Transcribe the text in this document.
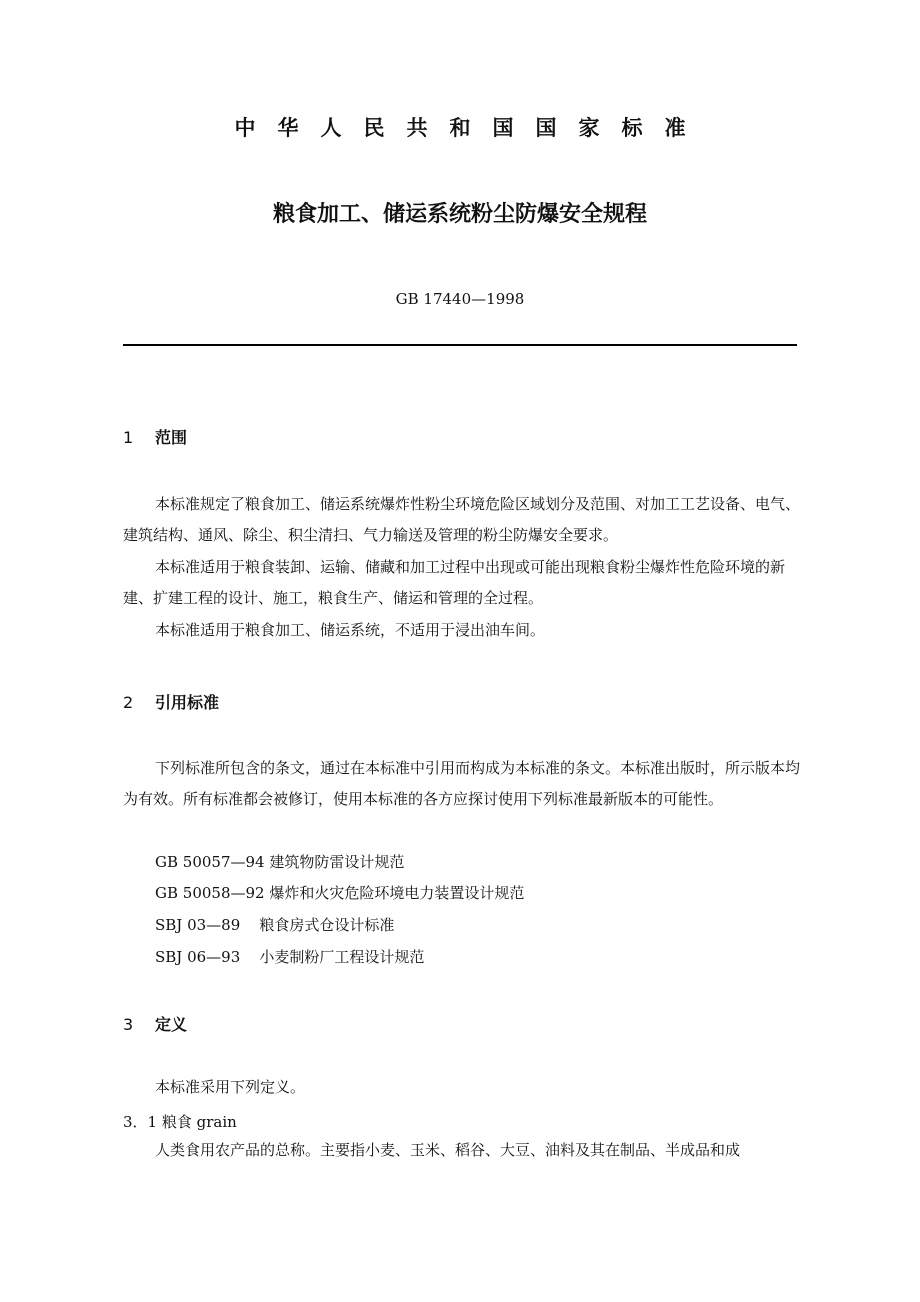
中华人民共和国国家标准
粮食加工、储运系统粉尘防爆安全规程
GB 17440—1998
1 范围

本标准规定了粮食加工、储运系统爆炸性粉尘环境危险区域划分及范围、对加工工艺设备、电气、建筑结构、通风、除尘、积尘清扫、气力输送及管理的粉尘防爆安全要求。

本标准适用于粮食装卸、运输、储藏和加工过程中出现或可能出现粮食粉尘爆炸性危险环境的新建、扩建工程的设计、施工，粮食生产、储运和管理的全过程。

本标准适用于粮食加工、储运系统，不适用于浸出油车间。

2 引用标准

下列标准所包含的条文，通过在本标准中引用而构成为本标准的条文。本标准出版时，所示版本均为有效。所有标准都会被修订，使用本标准的各方应探讨使用下列标准最新版本的可能性。

GB 50057—94 建筑物防雷设计规范

GB 50058—92 爆炸和火灾危险环境电力装置设计规范

SBJ 03—89    粮食房式仓设计标准

SBJ 06—93    小麦制粉厂工程设计规范

3 定义

本标准采用下列定义。

3．1 粮食 grain

人类食用农产品的总称。主要指小麦、玉米、稻谷、大豆、油料及其在制品、半成品和成
